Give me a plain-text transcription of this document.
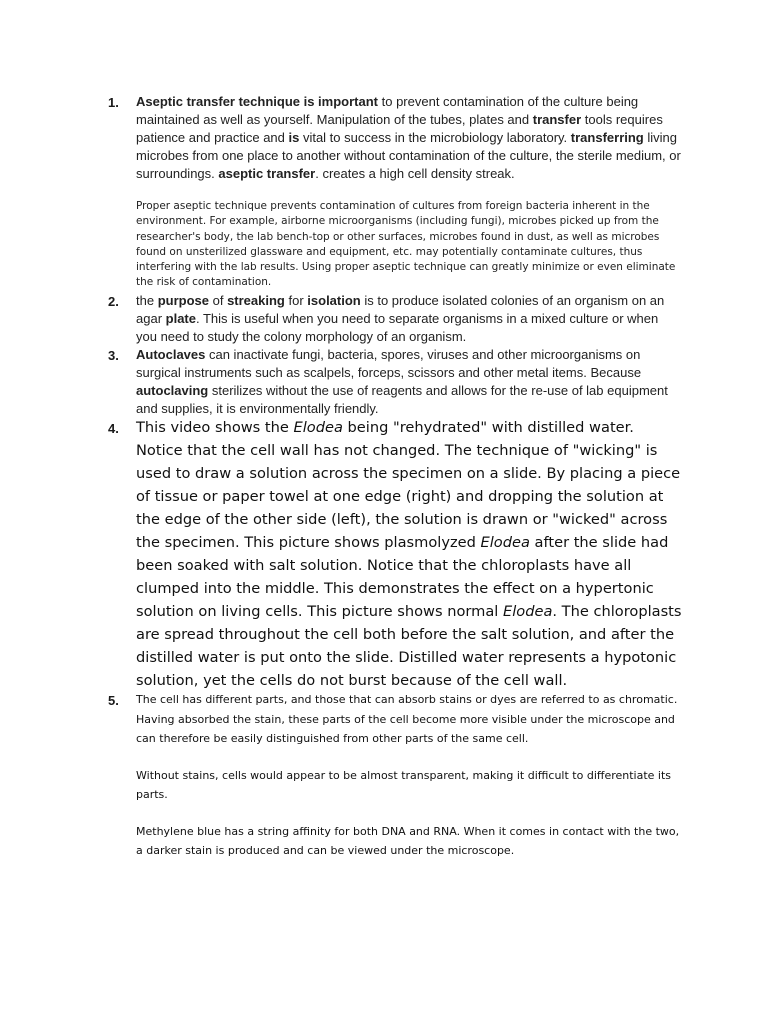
1.	Aseptic transfer technique is important to prevent contamination of the culture being maintained as well as yourself. Manipulation of the tubes, plates and transfer tools requires patience and practice and is vital to success in the microbiology laboratory. transferring living microbes from one place to another without contamination of the culture, the sterile medium, or surroundings. aseptic transfer. creates a high cell density streak.
Proper aseptic technique prevents contamination of cultures from foreign bacteria inherent in the environment. For example, airborne microorganisms (including fungi), microbes picked up from the researcher's body, the lab bench-top or other surfaces, microbes found in dust, as well as microbes found on unsterilized glassware and equipment, etc. may potentially contaminate cultures, thus interfering with the lab results. Using proper aseptic technique can greatly minimize or even eliminate the risk of contamination.
2.	the purpose of streaking for isolation is to produce isolated colonies of an organism on an agar plate. This is useful when you need to separate organisms in a mixed culture or when you need to study the colony morphology of an organism.
3.	Autoclaves can inactivate fungi, bacteria, spores, viruses and other microorganisms on surgical instruments such as scalpels, forceps, scissors and other metal items. Because autoclaving sterilizes without the use of reagents and allows for the re-use of lab equipment and supplies, it is environmentally friendly.
4.	This video shows the Elodea being "rehydrated" with distilled water. Notice that the cell wall has not changed. The technique of "wicking" is used to draw a solution across the specimen on a slide. By placing a piece of tissue or paper towel at one edge (right) and dropping the solution at the edge of the other side (left), the solution is drawn or "wicked" across the specimen. This picture shows plasmolyzed Elodea after the slide had been soaked with salt solution. Notice that the chloroplasts have all clumped into the middle. This demonstrates the effect on a hypertonic solution on living cells. This picture shows normal Elodea. The chloroplasts are spread throughout the cell both before the salt solution, and after the distilled water is put onto the slide. Distilled water represents a hypotonic solution, yet the cells do not burst because of the cell wall.
5.	The cell has different parts, and those that can absorb stains or dyes are referred to as chromatic. Having absorbed the stain, these parts of the cell become more visible under the microscope and can therefore be easily distinguished from other parts of the same cell.

Without stains, cells would appear to be almost transparent, making it difficult to differentiate its parts.

Methylene blue has a string affinity for both DNA and RNA. When it comes in contact with the two, a darker stain is produced and can be viewed under the microscope.
